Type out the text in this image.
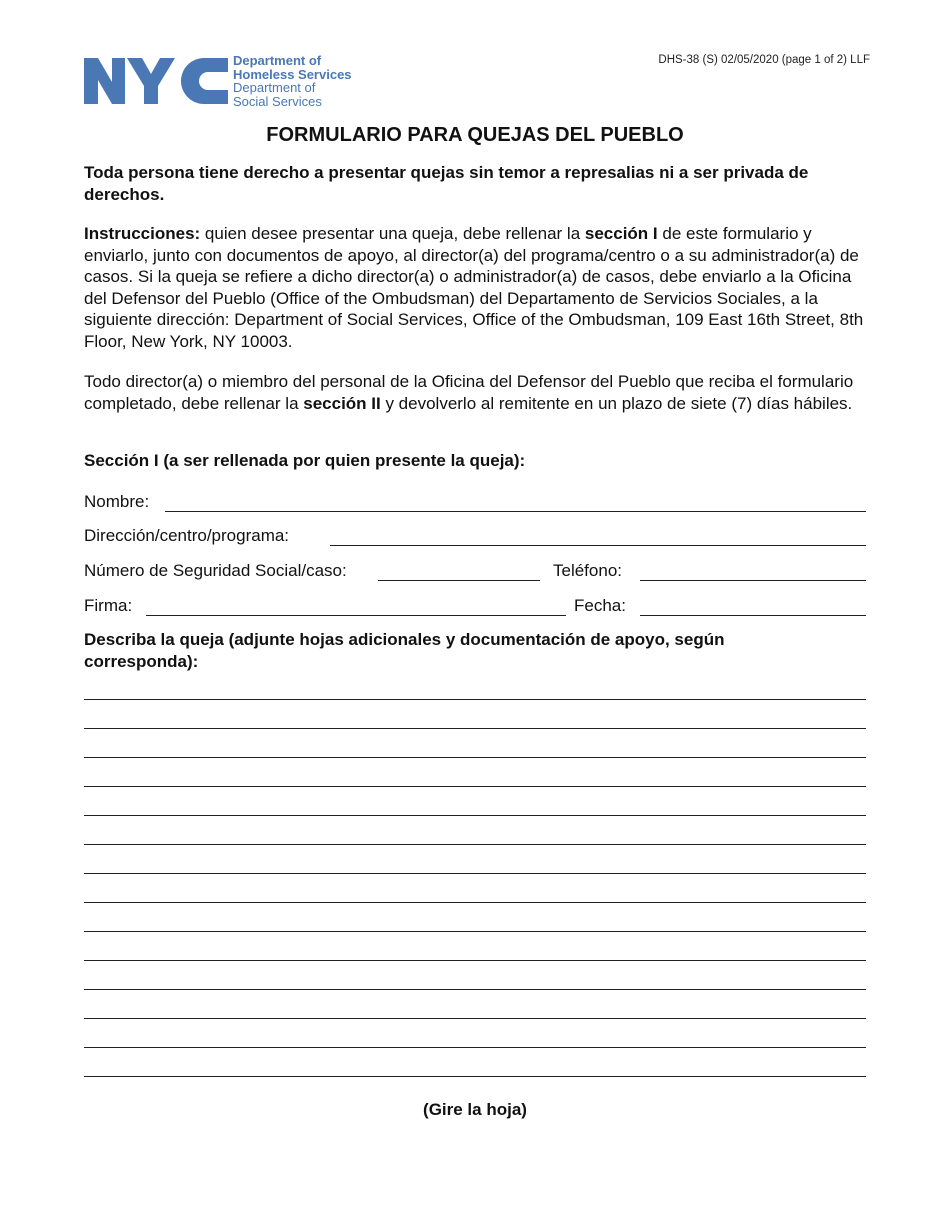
Department of
Homeless Services
Department of
Social Services
DHS-38 (S) 02/05/2020 (page 1 of 2) LLF
FORMULARIO PARA QUEJAS DEL PUEBLO
Toda persona tiene derecho a presentar quejas sin temor a represalias ni a ser privada de derechos.
Instrucciones: quien desee presentar una queja, debe rellenar la sección I de este formulario y enviarlo, junto con documentos de apoyo, al director(a) del programa/centro o a su administrador(a) de casos. Si la queja se refiere a dicho director(a) o administrador(a) de casos, debe enviarlo a la Oficina del Defensor del Pueblo (Office of the Ombudsman) del Departamento de Servicios Sociales, a la siguiente dirección: Department of Social Services, Office of the Ombudsman, 109 East 16th Street, 8th Floor, New York, NY 10003.
Todo director(a) o miembro del personal de la Oficina del Defensor del Pueblo que reciba el formulario completado, debe rellenar la sección II y devolverlo al remitente en un plazo de siete (7) días hábiles.
Sección I (a ser rellenada por quien presente la queja):
Nombre:
Dirección/centro/programa:
Número de Seguridad Social/caso:	Teléfono:
Firma:	Fecha:
Describa la queja (adjunte hojas adicionales y documentación de apoyo, según corresponda):
(Gire la hoja)
